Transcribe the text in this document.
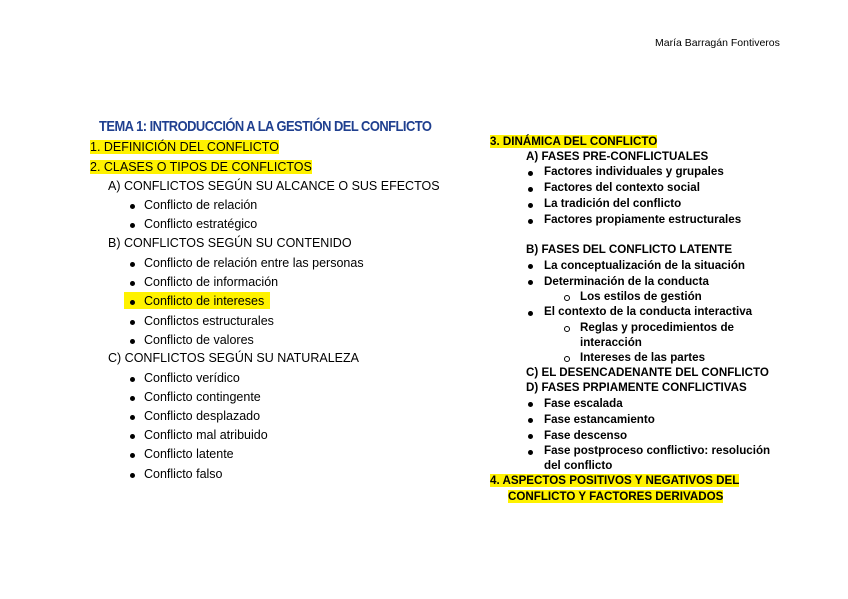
María Barragán Fontiveros
TEMA 1: INTRODUCCIÓN A LA GESTIÓN DEL CONFLICTO
1. DEFINICIÓN DEL CONFLICTO
2. CLASES O TIPOS DE CONFLICTOS
A) CONFLICTOS SEGÚN SU ALCANCE O SUS EFECTOS
Conflicto de relación
Conflicto estratégico
B) CONFLICTOS SEGÚN SU CONTENIDO
Conflicto de relación entre las personas
Conflicto de información
Conflicto de intereses
Conflictos estructurales
Conflicto de valores
C) CONFLICTOS SEGÚN SU NATURALEZA
Conflicto verídico
Conflicto contingente
Conflicto desplazado
Conflicto mal atribuido
Conflicto latente
Conflicto falso
3. DINÁMICA DEL CONFLICTO
A) FASES PRE-CONFLICTUALES
Factores individuales y grupales
Factores del contexto social
La tradición del conflicto
Factores propiamente estructurales
B) FASES DEL CONFLICTO LATENTE
La conceptualización de la situación
Determinación de la conducta
Los estilos de gestión
El contexto de la conducta interactiva
Reglas y procedimientos de
interacción
Intereses de las partes
C) EL DESENCADENANTE DEL CONFLICTO
D) FASES PRPIAMENTE CONFLICTIVAS
Fase escalada
Fase estancamiento
Fase descenso
Fase postproceso conflictivo: resolución
del conflicto
4. ASPECTOS POSITIVOS Y NEGATIVOS DEL
CONFLICTO Y FACTORES DERIVADOS
